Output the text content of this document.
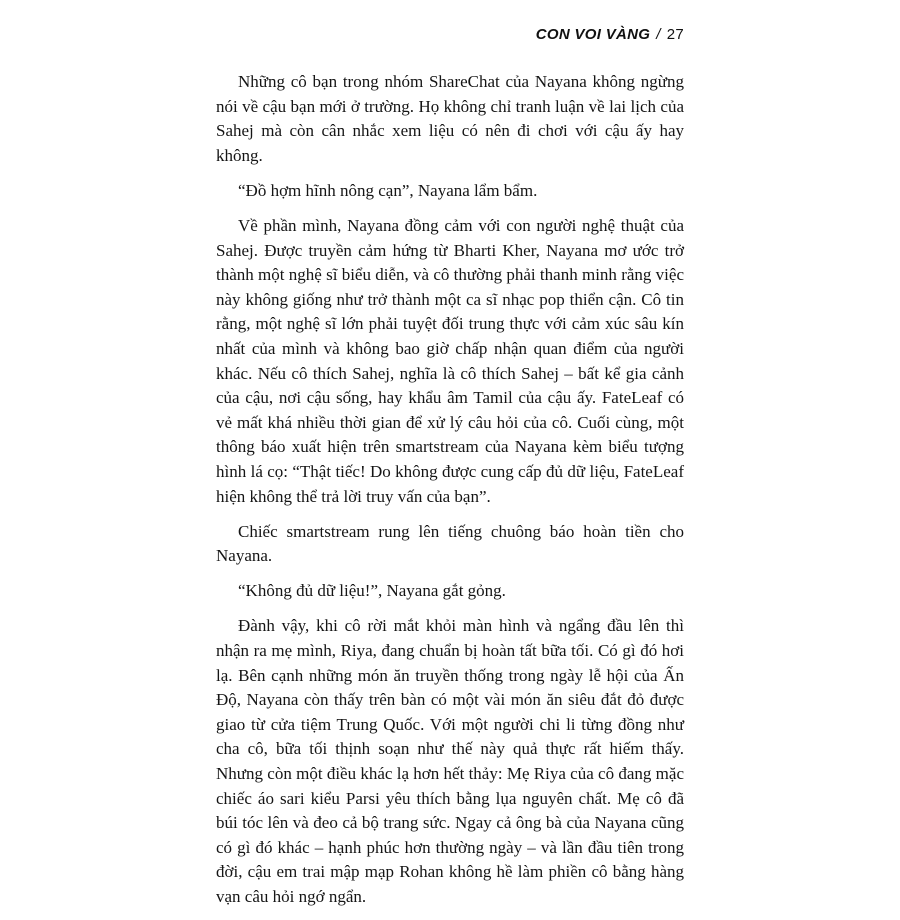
CON VOI VÀNG / 27

Những cô bạn trong nhóm ShareChat của Nayana không ngừng nói về cậu bạn mới ở trường. Họ không chỉ tranh luận về lai lịch của Sahej mà còn cân nhắc xem liệu có nên đi chơi với cậu ấy hay không.

“Đồ hợm hĩnh nông cạn”, Nayana lẩm bẩm.

Về phần mình, Nayana đồng cảm với con người nghệ thuật của Sahej. Được truyền cảm hứng từ Bharti Kher, Nayana mơ ước trở thành một nghệ sĩ biểu diễn, và cô thường phải thanh minh rằng việc này không giống như trở thành một ca sĩ nhạc pop thiển cận. Cô tin rằng, một nghệ sĩ lớn phải tuyệt đối trung thực với cảm xúc sâu kín nhất của mình và không bao giờ chấp nhận quan điểm của người khác. Nếu cô thích Sahej, nghĩa là cô thích Sahej – bất kể gia cảnh của cậu, nơi cậu sống, hay khẩu âm Tamil của cậu ấy. FateLeaf có vẻ mất khá nhiều thời gian để xử lý câu hỏi của cô. Cuối cùng, một thông báo xuất hiện trên smartstream của Nayana kèm biểu tượng hình lá cọ: “Thật tiếc! Do không được cung cấp đủ dữ liệu, FateLeaf hiện không thể trả lời truy vấn của bạn”.

Chiếc smartstream rung lên tiếng chuông báo hoàn tiền cho Nayana.

“Không đủ dữ liệu!”, Nayana gắt gỏng.

Đành vậy, khi cô rời mắt khỏi màn hình và ngẩng đầu lên thì nhận ra mẹ mình, Riya, đang chuẩn bị hoàn tất bữa tối. Có gì đó hơi lạ. Bên cạnh những món ăn truyền thống trong ngày lễ hội của Ấn Độ, Nayana còn thấy trên bàn có một vài món ăn siêu đắt đỏ được giao từ cửa tiệm Trung Quốc. Với một người chi li từng đồng như cha cô, bữa tối thịnh soạn như thế này quả thực rất hiếm thấy. Nhưng còn một điều khác lạ hơn hết thảy: Mẹ Riya của cô đang mặc chiếc áo sari kiểu Parsi yêu thích bằng lụa nguyên chất. Mẹ cô đã búi tóc lên và đeo cả bộ trang sức. Ngay cả ông bà của Nayana cũng có gì đó khác – hạnh phúc hơn thường ngày – và lần đầu tiên trong đời, cậu em trai mập mạp Rohan không hề làm phiền cô bằng hàng vạn câu hỏi ngớ ngẩn.
